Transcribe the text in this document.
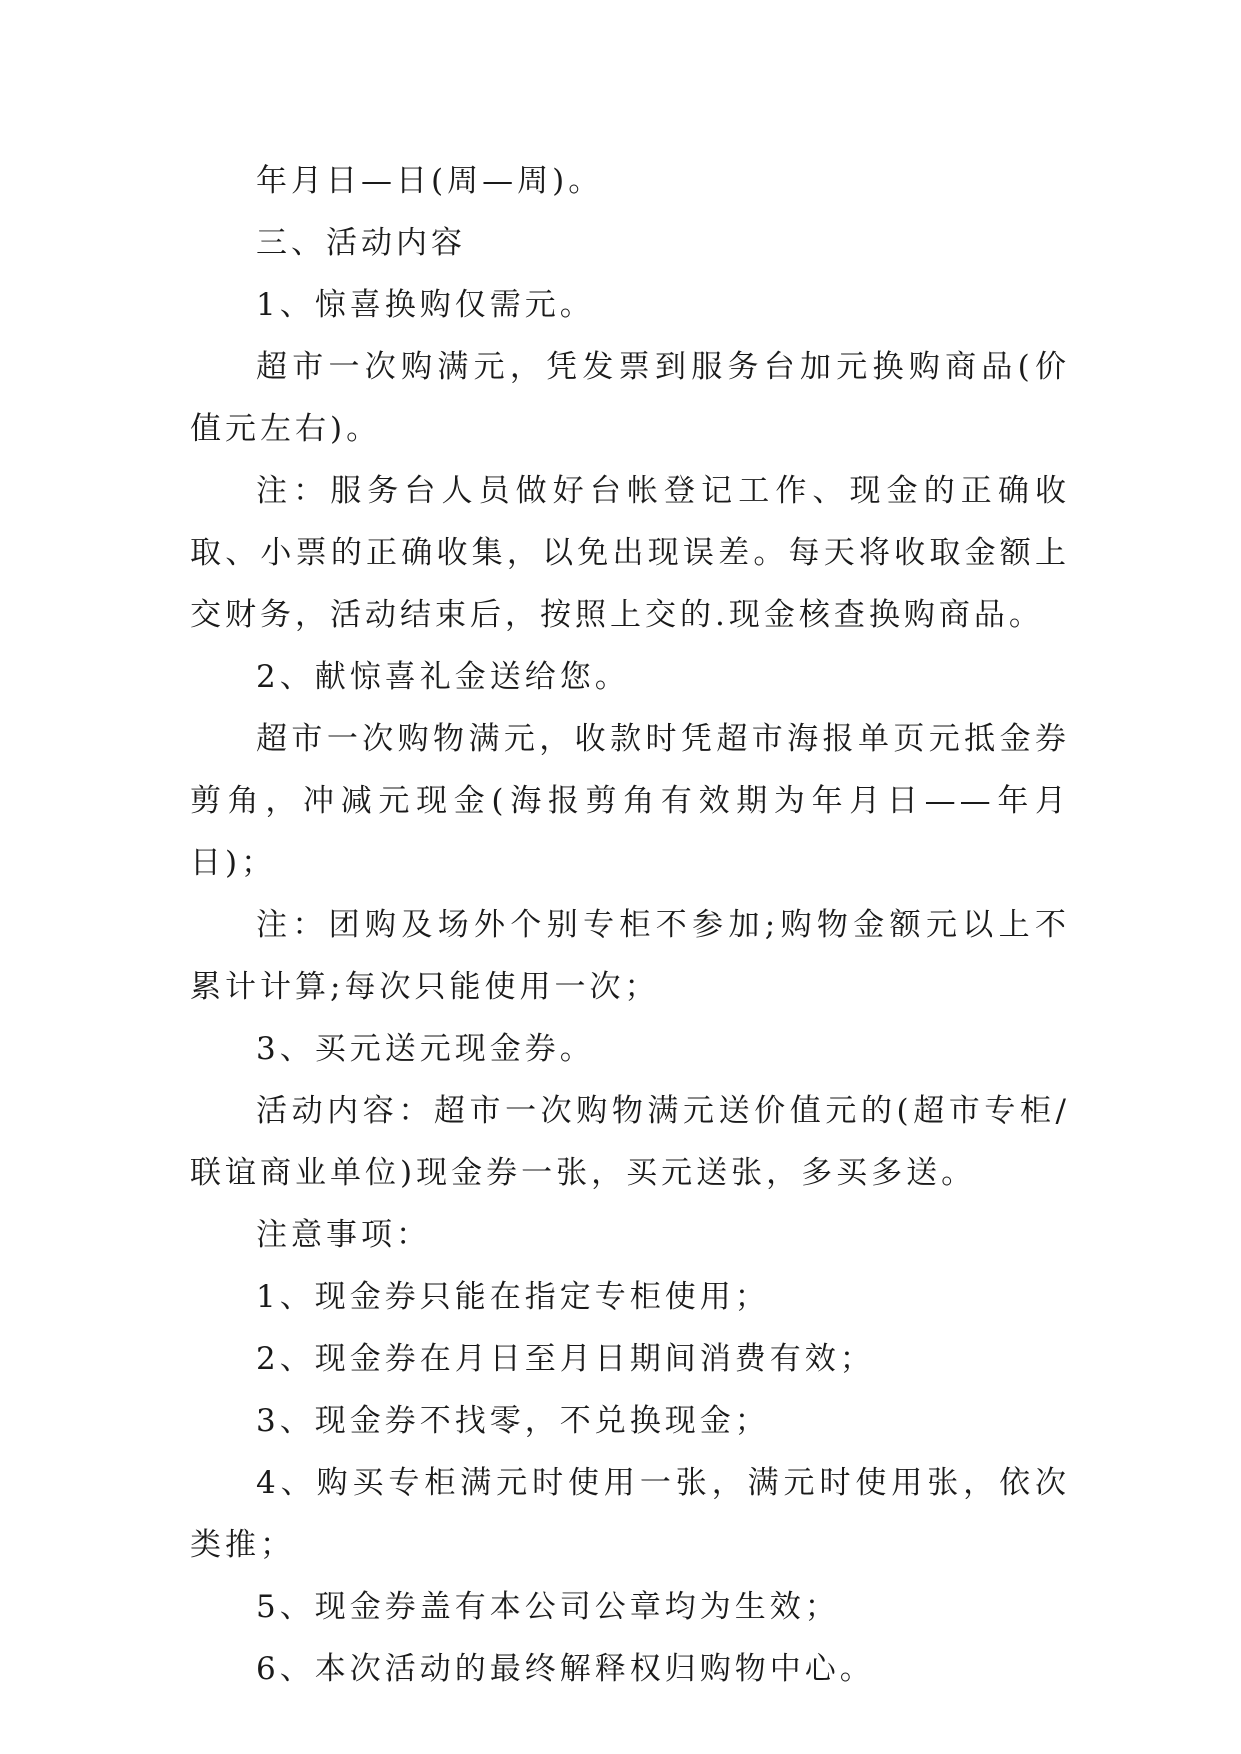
年月日—日(周—周)。

三、活动内容

1、惊喜换购仅需元。

超市一次购满元，凭发票到服务台加元换购商品(价值元左右)。

注：服务台人员做好台帐登记工作、现金的正确收取、小票的正确收集，以免出现误差。每天将收取金额上交财务，活动结束后，按照上交的.现金核查换购商品。

2、献惊喜礼金送给您。

超市一次购物满元，收款时凭超市海报单页元抵金券剪角，冲减元现金(海报剪角有效期为年月日——年月日)；

注：团购及场外个别专柜不参加;购物金额元以上不累计计算;每次只能使用一次；

3、买元送元现金券。

活动内容：超市一次购物满元送价值元的(超市专柜/联谊商业单位)现金券一张，买元送张，多买多送。

注意事项：

1、现金券只能在指定专柜使用；

2、现金券在月日至月日期间消费有效；

3、现金券不找零，不兑换现金；

4、购买专柜满元时使用一张，满元时使用张，依次类推；

5、现金券盖有本公司公章均为生效；

6、本次活动的最终解释权归购物中心。
